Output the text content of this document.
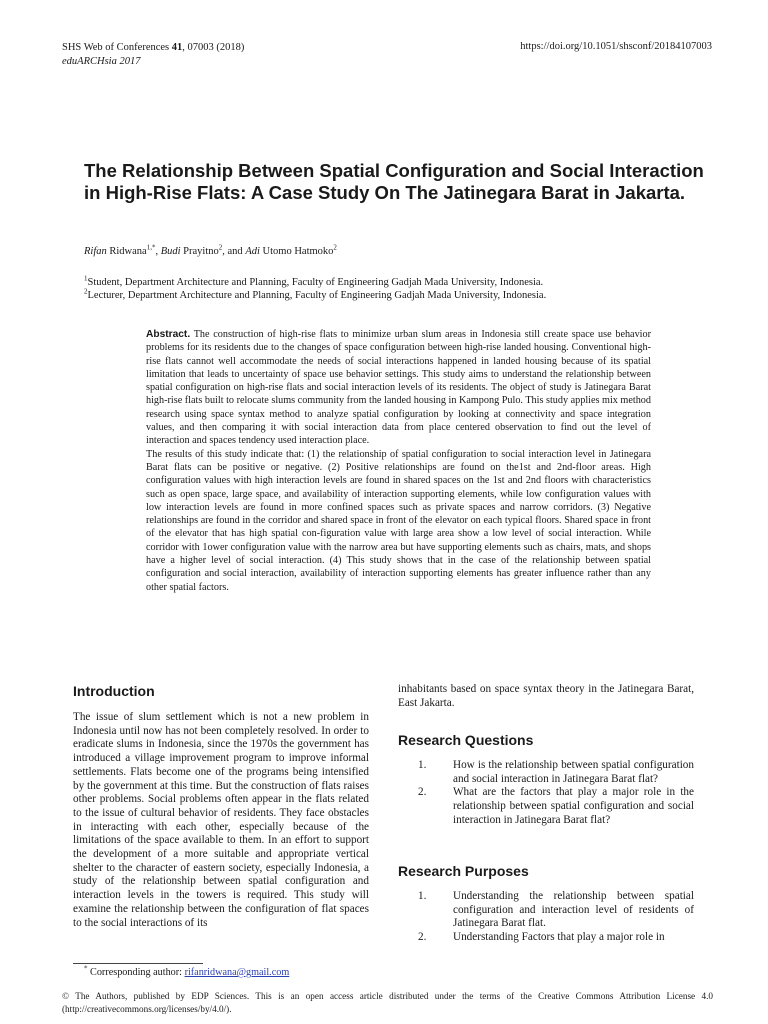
SHS Web of Conferences 41, 07003 (2018)
eduARCHsia 2017
https://doi.org/10.1051/shsconf/20184107003
The Relationship Between Spatial Configuration and Social Interaction in High-Rise Flats: A Case Study On The Jatinegara Barat in Jakarta.
Rifan Ridwana$^{1,*}$, Budi Prayitno$^2$, and Adi Utomo Hatmoko$^2$
$^1$Student, Department Architecture and Planning, Faculty of Engineering Gadjah Mada University, Indonesia.
$^2$Lecturer, Department Architecture and Planning, Faculty of Engineering Gadjah Mada University, Indonesia.

Abstract. The construction of high-rise flats to minimize urban slum areas in Indonesia still create space use behavior problems for its residents due to the changes of space configuration between high-rise landed housing. Conventional high-rise flats cannot well accommodate the needs of social interactions happened in landed housing because of its spatial limitation that leads to uncertainty of space use behavior settings. This study aims to understand the relationship between spatial configuration on high-rise flats and social interaction levels of its residents. The object of study is Jatinegara Barat high-rise flats built to relocate slums community from the landed housing in Kampong Pulo. This study applies mix method research using space syntax method to analyze spatial configuration by looking at connectivity and space integration values, and then comparing it with social interaction data from place centered observation to find out the level of interaction and spaces tendency used interaction place.

The results of this study indicate that: (1) the relationship of spatial configuration to social interaction level in Jatinegara Barat flats can be positive or negative. (2) Positive relationships are found on the1st and 2nd-floor areas. High configuration values with high interaction levels are found in shared spaces on the 1st and 2nd floors with characteristics such as open space, large space, and availability of interaction supporting elements, while low configuration values with low interaction levels are found in more confined spaces such as private spaces and narrow corridors. (3) Negative relationships are found in the corridor and shared space in front of the elevator on each typical floors. Shared space in front of the elevator that has high spatial con-figuration value with large area show a low level of social interaction. While corridor with 1ower configuration value with the narrow area but have supporting elements such as chairs, mats, and shops have a higher level of social interaction. (4) This study shows that in the case of the relationship between spatial configuration and social interaction, availability of interaction supporting elements has greater influence rather than any other spatial factors.

Introduction

The issue of slum settlement which is not a new problem in Indonesia until now has not been completely resolved. In order to eradicate slums in Indonesia, since the 1970s the government has introduced a village improvement program to improve informal settlements. Flats become one of the programs being intensified by the government at this time. But the construction of flats raises other problems. Social problems often appear in the flats related to the issue of cultural behavior of residents. They face obstacles in interacting with each other, especially because of the limitations of the space available to them. In an effort to support the development of a more suitable and appropriate vertical shelter to the character of eastern society, especially Indonesia, a study of the relationship between spatial configuration and interaction levels in the towers is required. This study will examine the relationship between the configuration of flat spaces to the social interactions of its

inhabitants based on space syntax theory in the Jatinegara Barat, East Jakarta.

Research Questions
1.	How is the relationship between spatial configuration and social interaction in Jatinegara Barat flat?
2.	What are the factors that play a major role in the relationship between spatial configuration and social interaction in Jatinegara Barat flat?
Research Purposes
1.	Understanding the relationship between spatial configuration and interaction level of residents of Jatinegara Barat flat.
2.	Understanding Factors that play a major role in
* Corresponding author: rifanridwana@gmail.com
© The Authors, published by EDP Sciences. This is an open access article distributed under the terms of the Creative Commons Attribution License 4.0 (http://creativecommons.org/licenses/by/4.0/).
